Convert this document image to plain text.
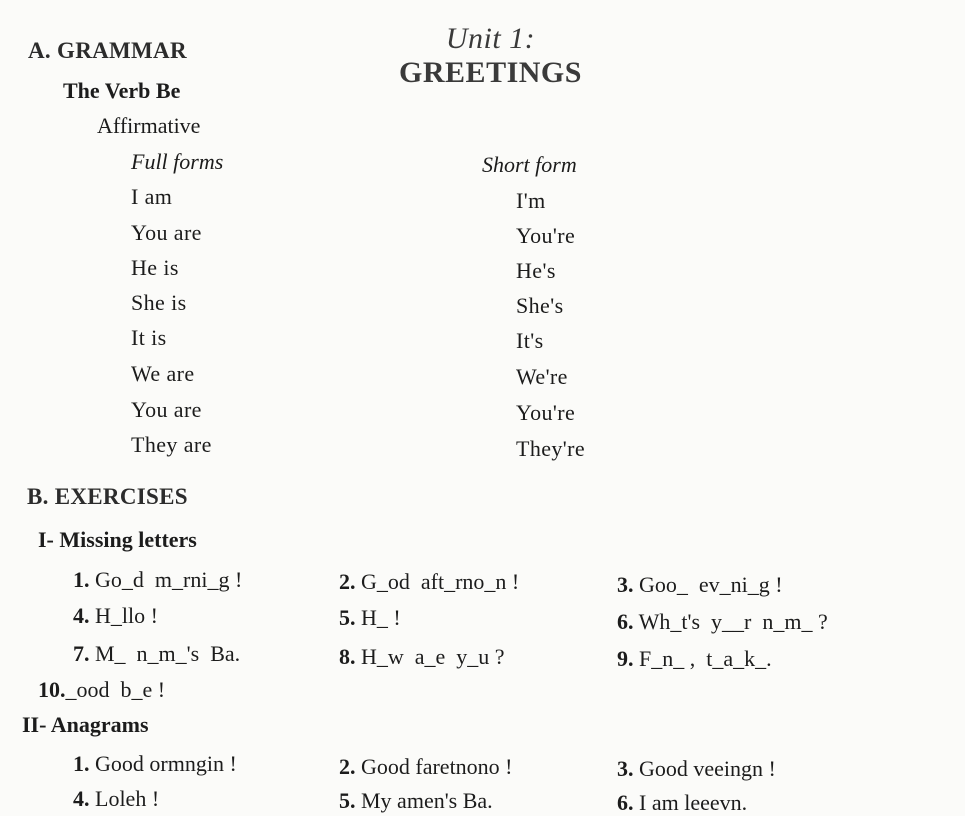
Unit 1:
GREETINGS

A. GRAMMAR
The Verb Be
Affirmative
Full forms	Short form
I am	I'm
You are	You're
He is	He's
She is	She's
It is	It's
We are	We're
You are	You're
They are	They're
B. EXERCISES
I- Missing letters
1. Go_d  m_rni_g !	2. G_od  aft_rno_n !	3. Goo_  ev_ni_g !
4. H_llo !	5. H_ !	6. Wh_t's  y__r  n_m_ ?
7. M_  n_m_'s  Ba.	8. H_w  a_e  y_u ?	9. F_n_ ,  t_a_k_.
10._ood  b_e !
II- Anagrams
1. Good ormngin !	2. Good faretnono !	3. Good veeingn !
4. Loleh !	5. My amen's Ba.	6. I am leeevn.
